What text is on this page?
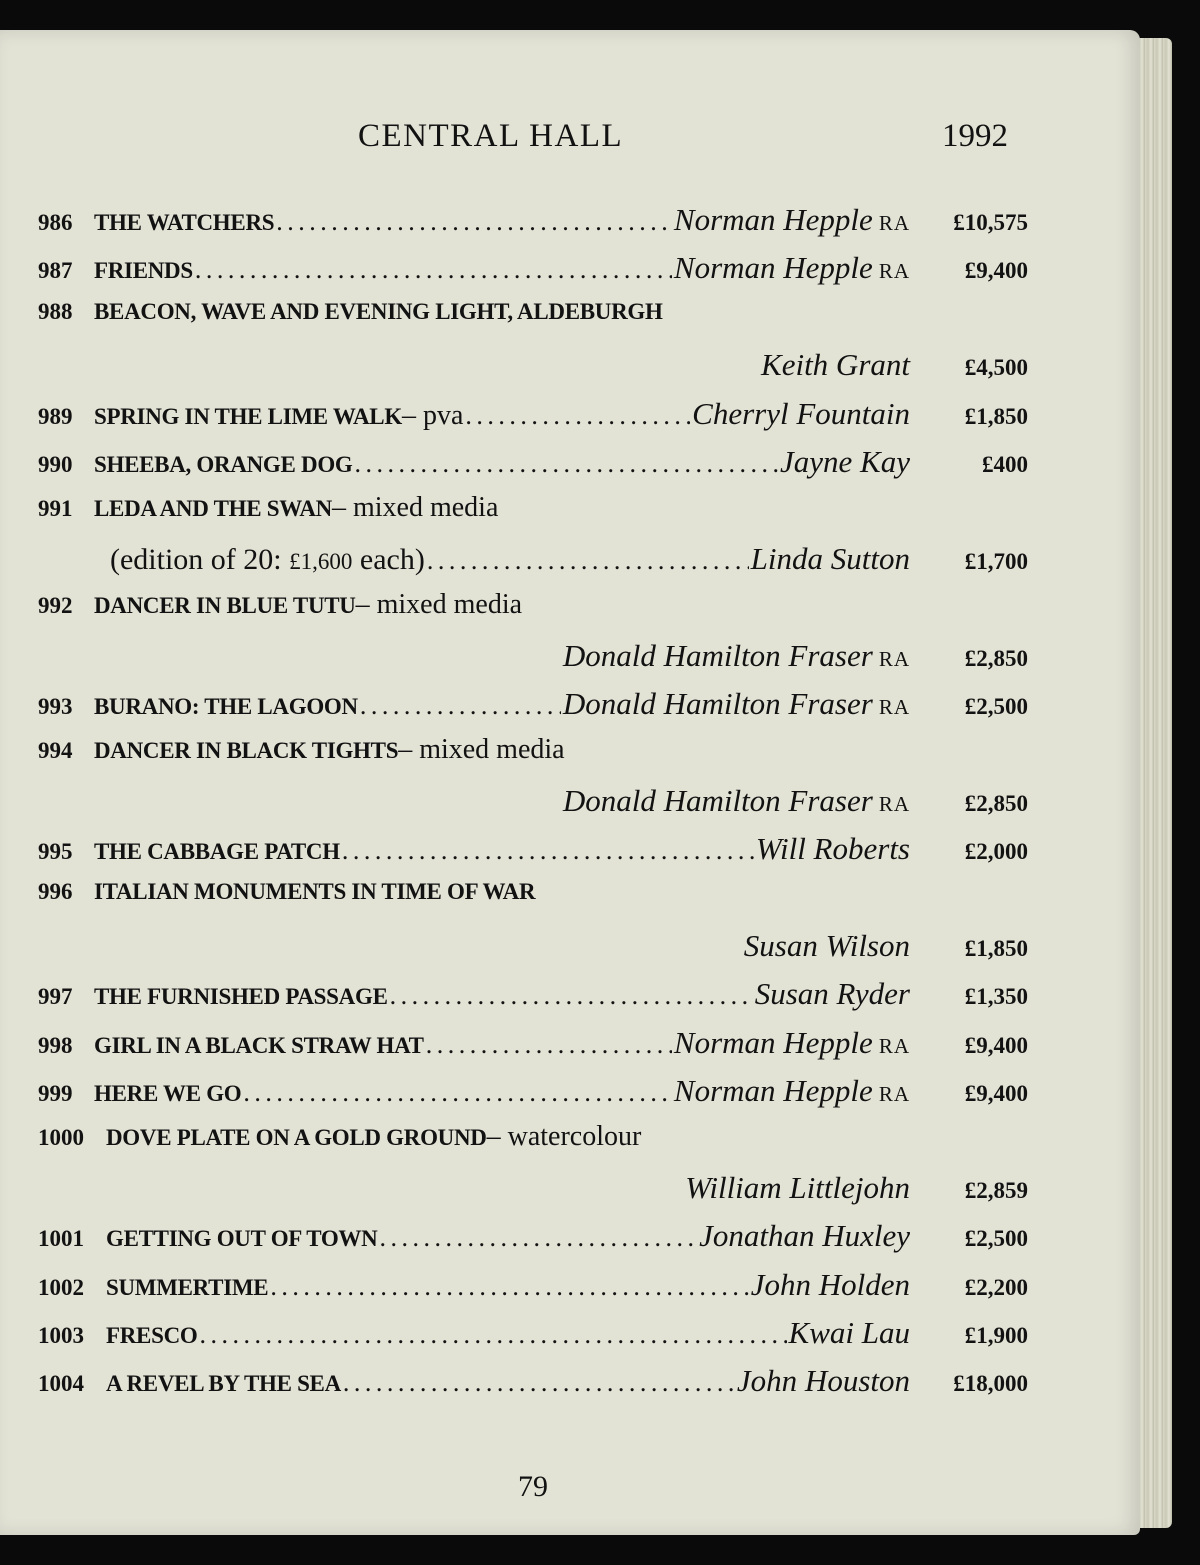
CENTRAL HALL	1992
986 THE WATCHERS . . .	Norman Hepple RA	£10,575
987 FRIENDS . . .	Norman Hepple RA	£9,400
988 BEACON, WAVE AND EVENING LIGHT, ALDEBURGH
Keith Grant	£4,500
989 SPRING IN THE LIME WALK – pva . . .	Cherryl Fountain	£1,850
990 SHEEBA, ORANGE DOG . . .	Jayne Kay	£400
991 LEDA AND THE SWAN – mixed media
(edition of 20: £1,600 each) . . .	Linda Sutton	£1,700
992 DANCER IN BLUE TUTU – mixed media
Donald Hamilton Fraser RA	£2,850
993 BURANO: THE LAGOON . . .	Donald Hamilton Fraser RA	£2,500
994 DANCER IN BLACK TIGHTS – mixed media
Donald Hamilton Fraser RA	£2,850
995 THE CABBAGE PATCH . . .	Will Roberts	£2,000
996 ITALIAN MONUMENTS IN TIME OF WAR
Susan Wilson	£1,850
997 THE FURNISHED PASSAGE . . .	Susan Ryder	£1,350
998 GIRL IN A BLACK STRAW HAT . . .	Norman Hepple RA	£9,400
999 HERE WE GO . . .	Norman Hepple RA	£9,400
1000 DOVE PLATE ON A GOLD GROUND – watercolour
William Littlejohn	£2,859
1001 GETTING OUT OF TOWN . . .	Jonathan Huxley	£2,500
1002 SUMMERTIME . . .	John Holden	£2,200
1003 FRESCO . . .	Kwai Lau	£1,900
1004 A REVEL BY THE SEA . . .	John Houston	£18,000
79
